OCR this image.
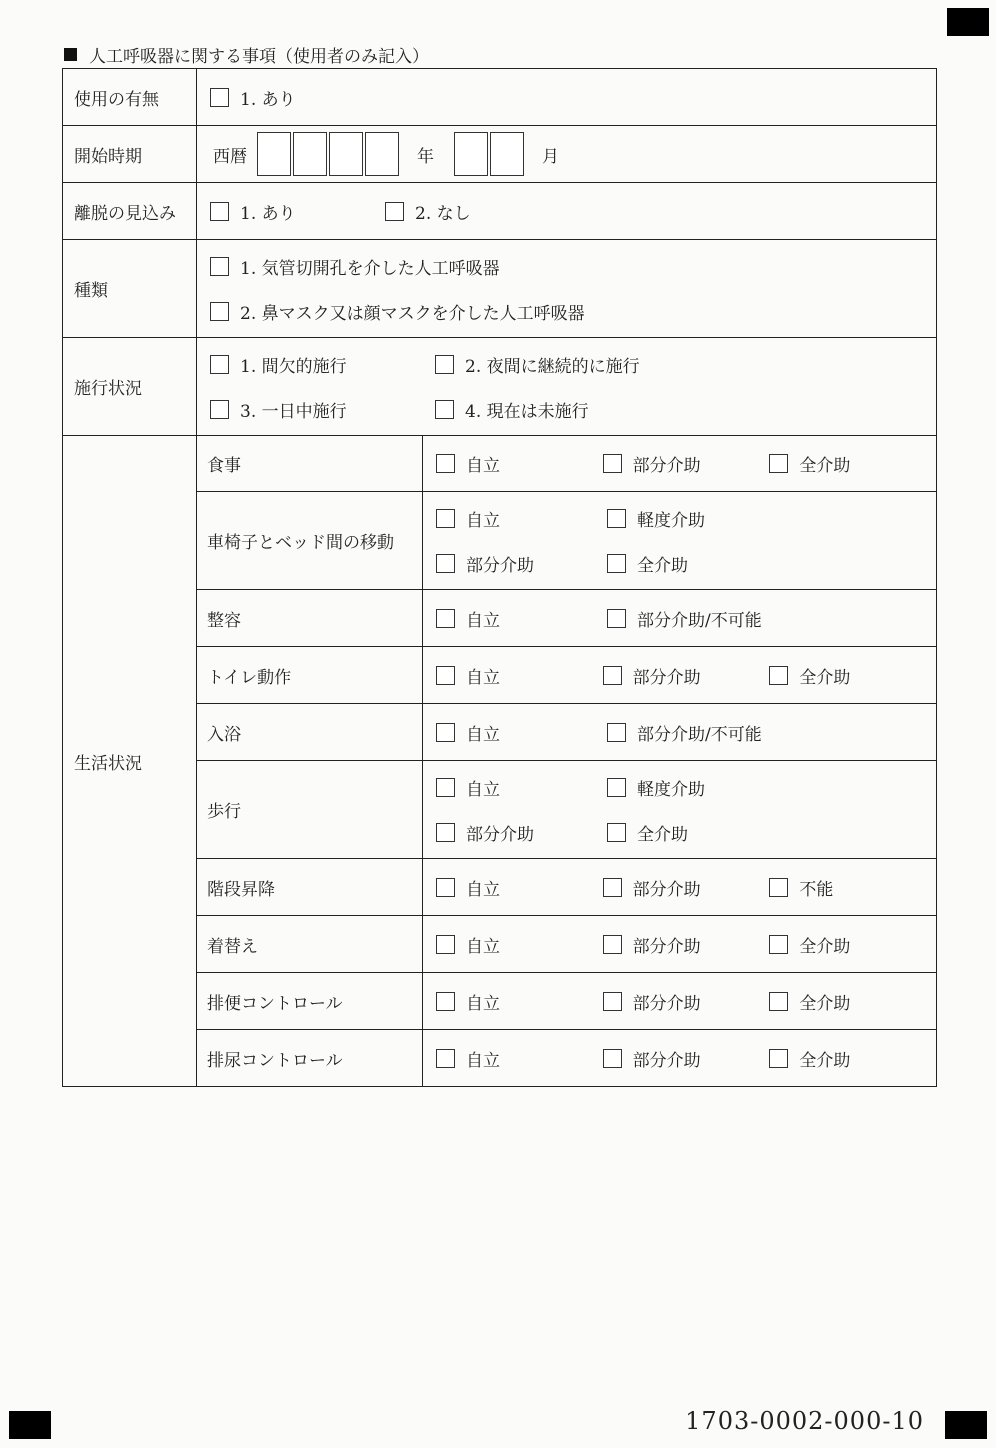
人工呼吸器に関する事項（使用者のみ記入）
使用の有無	1. あり	

開始時期	西暦 年 月	

離脱の見込み	1. あり 2. なし	

種類	1. 気管切開孔を介した人工呼吸器
2. 鼻マスク又は顔マスクを介した人工呼吸器	

施行状況	1. 間欠的施行 2. 夜間に継続的に施行
3. 一日中施行 4. 現在は未施行	

生活状況	食事	自立 部分介助 全介助

	車椅子とベッド間の移動	自立 軽度介助
部分介助 全介助

	整容	自立 部分介助/不可能

	トイレ動作	自立 部分介助 全介助

	入浴	自立 部分介助/不可能

	歩行	自立 軽度介助
部分介助 全介助

	階段昇降	自立 部分介助 不能

	着替え	自立 部分介助 全介助

	排便コントロール	自立 部分介助 全介助

	排尿コントロール	自立 部分介助 全介助
1703-0002-000-10
